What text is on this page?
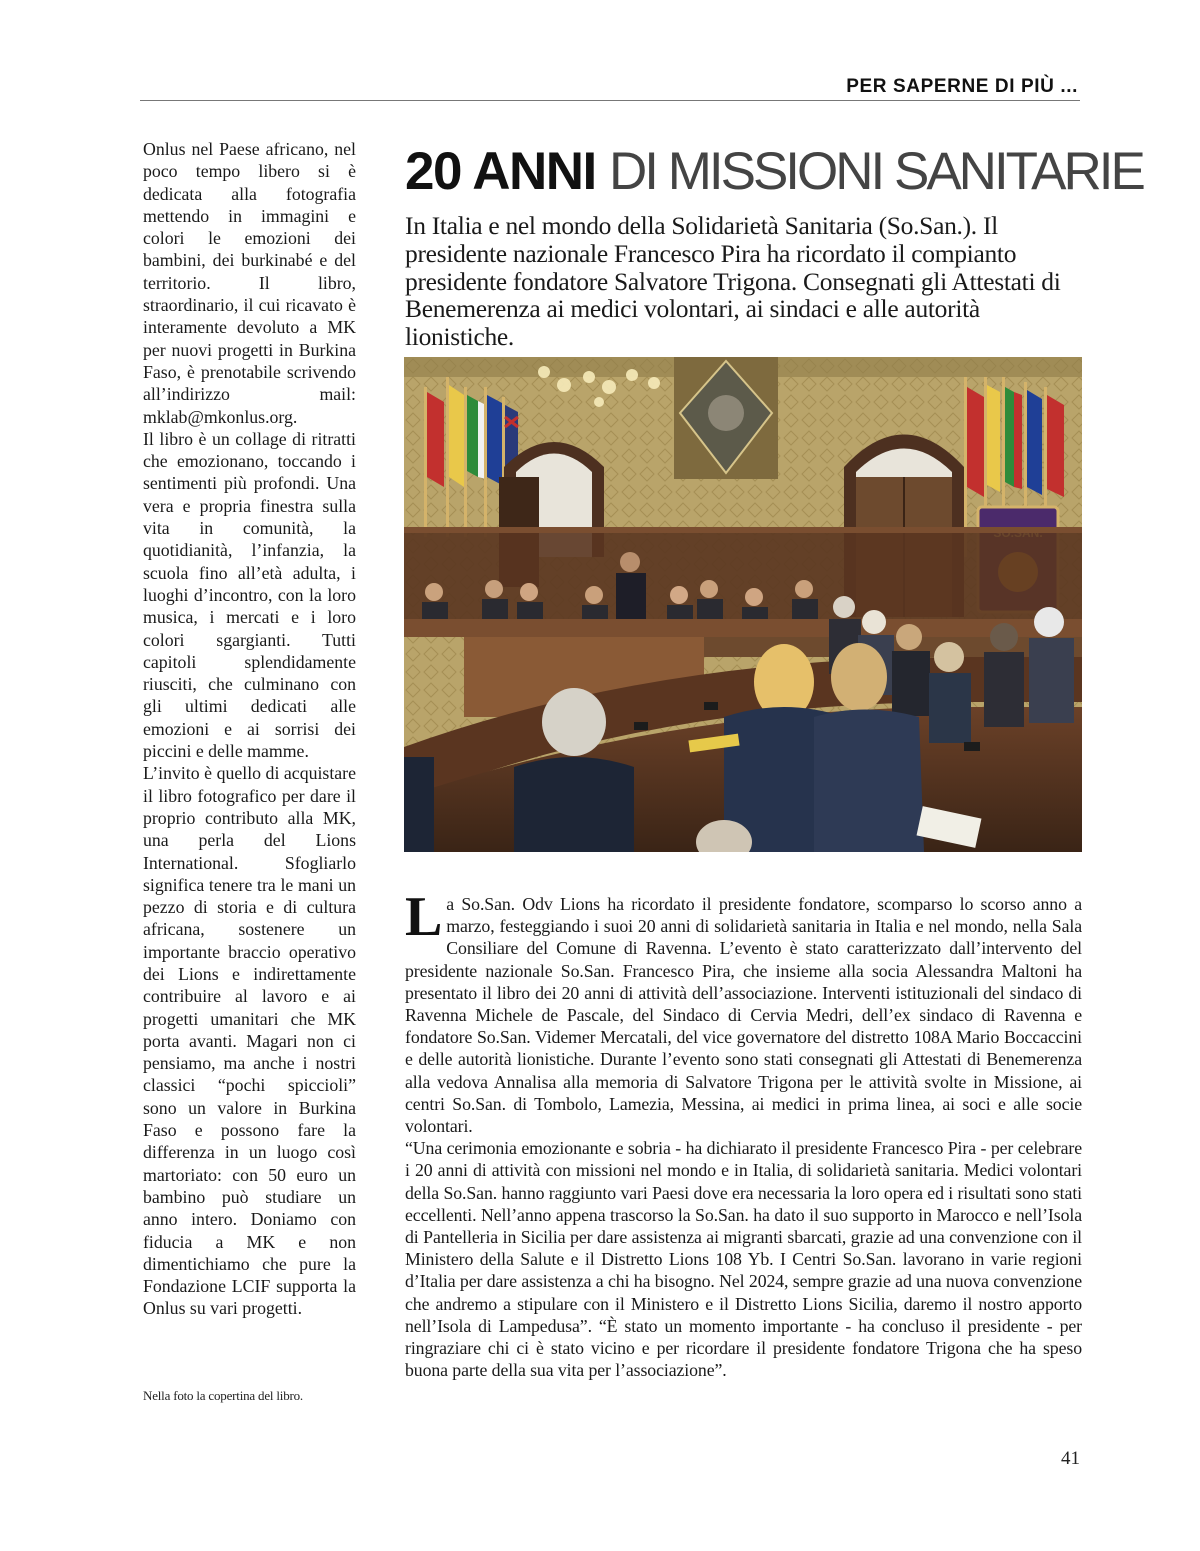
PER SAPERNE DI PIÙ ...

Onlus nel Paese africano, nel poco tempo libero si è dedicata alla fotografia mettendo in immagini e colori le emozioni dei bambini, dei burkinabé e del territorio. Il libro, straordinario, il cui ricavato è interamente devoluto a MK per nuovi progetti in Burkina Faso, è prenotabile scrivendo all’indirizzo mail: mklab@mkonlus.org.

Il libro è un collage di ritratti che emozionano, toccando i sentimenti più profondi. Una vera e propria finestra sulla vita in comunità, la quotidianità, l’infanzia, la scuola fino all’età adulta, i luoghi d’incontro, con la loro musica, i mercati e i loro colori sgargianti. Tutti capitoli splendidamente riusciti, che culminano con gli ultimi dedicati alle emozioni e ai sorrisi dei piccini e delle mamme.

L’invito è quello di acquistare il libro fotografico per dare il proprio contributo alla MK, una perla del Lions International. Sfogliarlo significa tenere tra le mani un pezzo di storia e di cultura africana, sostenere un importante braccio operativo dei Lions e indirettamente contribuire al lavoro e ai progetti umanitari che MK porta avanti. Magari non ci pensiamo, ma anche i nostri classici “pochi spiccioli” sono un valore in Burkina Faso e possono fare la differenza in un luogo così martoriato: con 50 euro un bambino può studiare un anno intero. Doniamo con fiducia a MK e non dimentichiamo che pure la Fondazione LCIF supporta la Onlus su vari progetti.

Nella foto la copertina del libro.
20 ANNI DI MISSIONI SANITARIE
In Italia e nel mondo della Solidarietà Sanitaria (So.San.). Il presidente nazionale Francesco Pira ha ricordato il compianto presidente fondatore Salvatore Trigona. Consegnati gli Attestati di Benemerenza ai medici volontari, ai sindaci e alle autorità lionistiche.

La So.San. Odv Lions ha ricordato il presidente fondatore, scomparso lo scorso anno a marzo, festeggiando i suoi 20 anni di solidarietà sanitaria in Italia e nel mondo, nella Sala Consiliare del Comune di Ravenna. L’evento è stato caratterizzato dall’intervento del presidente nazionale So.San. Francesco Pira, che insieme alla socia Alessandra Maltoni ha presentato il libro dei 20 anni di attività dell’associazione. Interventi istituzionali del sindaco di Ravenna Michele de Pascale, del Sindaco di Cervia Medri, dell’ex sindaco di Ravenna e fondatore So.San. Videmer Mercatali, del vice governatore del distretto 108A Mario Boccaccini e delle autorità lionistiche. Durante l’evento sono stati consegnati gli Attestati di Benemerenza alla vedova Annalisa alla memoria di Salvatore Trigona per le attività svolte in Missione, ai centri So.San. di Tombolo, Lamezia, Messina, ai medici in prima linea, ai soci e alle socie volontari.

“Una cerimonia emozionante e sobria - ha dichiarato il presidente Francesco Pira - per celebrare i 20 anni di attività con missioni nel mondo e in Italia, di solidarietà sanitaria. Medici volontari della So.San. hanno raggiunto vari Paesi dove era necessaria la loro opera ed i risultati sono stati eccellenti. Nell’anno appena trascorso la So.San. ha dato il suo supporto in Marocco e nell’Isola di Pantelleria in Sicilia per dare assistenza ai migranti sbarcati, grazie ad una convenzione con il Ministero della Salute e il Distretto Lions 108 Yb. I Centri So.San. lavorano in varie regioni d’Italia per dare assistenza a chi ha bisogno. Nel 2024, sempre grazie ad una nuova convenzione che andremo a stipulare con il Ministero e il Distretto Lions Sicilia, daremo il nostro apporto nell’Isola di Lampedusa”. “È stato un momento importante - ha concluso il presidente - per ringraziare chi ci è stato vicino e per ricordare il presidente fondatore Trigona che ha speso buona parte della sua vita per l’associazione”.

41
